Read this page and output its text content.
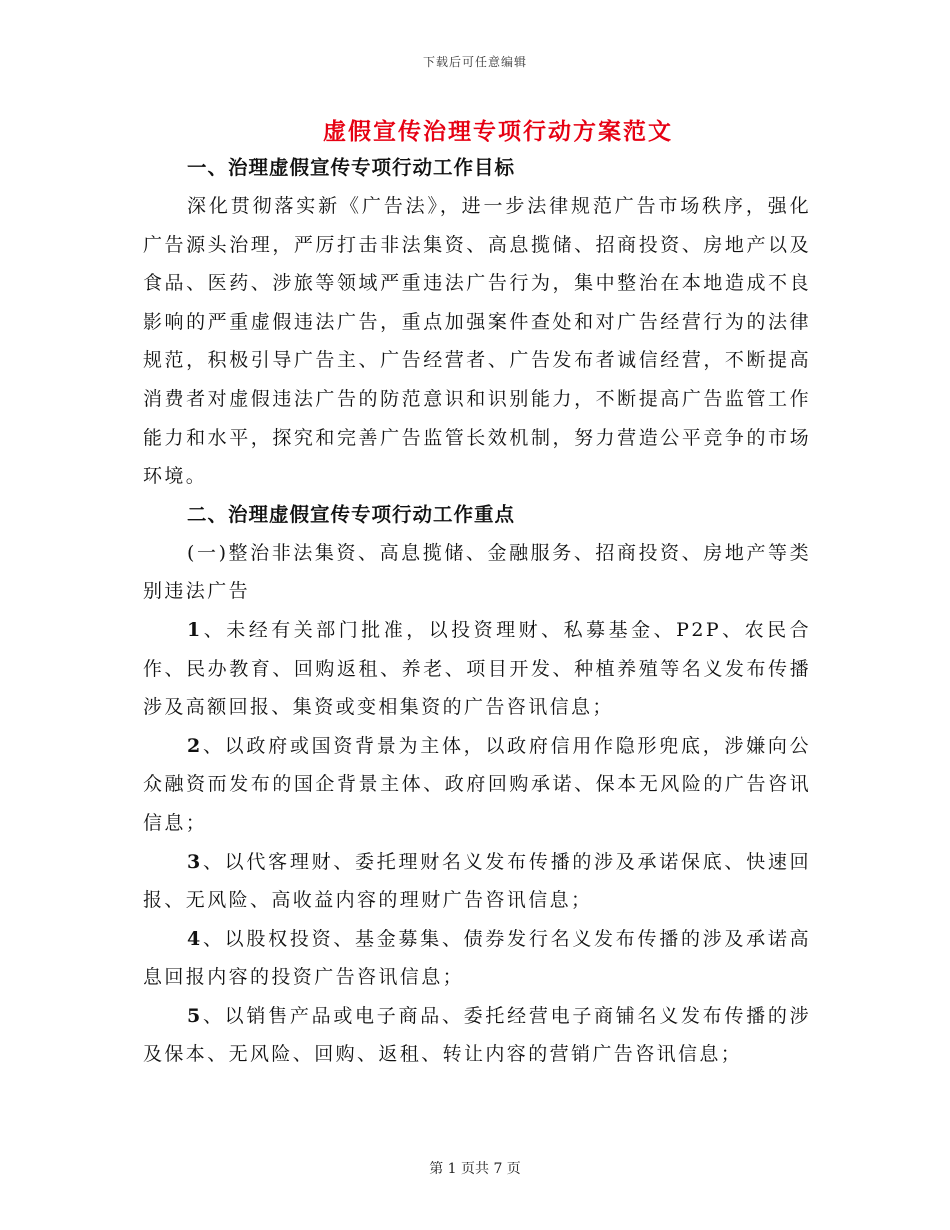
下载后可任意编辑
虚假宣传治理专项行动方案范文
一、治理虚假宣传专项行动工作目标

深化贯彻落实新《广告法》，进一步法律规范广告市场秩序，强化广告源头治理，严厉打击非法集资、高息揽储、招商投资、房地产以及食品、医药、涉旅等领域严重违法广告行为，集中整治在本地造成不良影响的严重虚假违法广告，重点加强案件查处和对广告经营行为的法律规范，积极引导广告主、广告经营者、广告发布者诚信经营，不断提高消费者对虚假违法广告的防范意识和识别能力，不断提高广告监管工作能力和水平，探究和完善广告监管长效机制，努力营造公平竞争的市场环境。

二、治理虚假宣传专项行动工作重点

(一)整治非法集资、高息揽储、金融服务、招商投资、房地产等类别违法广告

1、未经有关部门批准，以投资理财、私募基金、P2P、农民合作、民办教育、回购返租、养老、项目开发、种植养殖等名义发布传播涉及高额回报、集资或变相集资的广告咨讯信息；

2、以政府或国资背景为主体，以政府信用作隐形兜底，涉嫌向公众融资而发布的国企背景主体、政府回购承诺、保本无风险的广告咨讯信息；

3、以代客理财、委托理财名义发布传播的涉及承诺保底、快速回报、无风险、高收益内容的理财广告咨讯信息；

4、以股权投资、基金募集、债券发行名义发布传播的涉及承诺高息回报内容的投资广告咨讯信息；

5、以销售产品或电子商品、委托经营电子商铺名义发布传播的涉及保本、无风险、回购、返租、转让内容的营销广告咨讯信息；

第 1 页共 7 页
